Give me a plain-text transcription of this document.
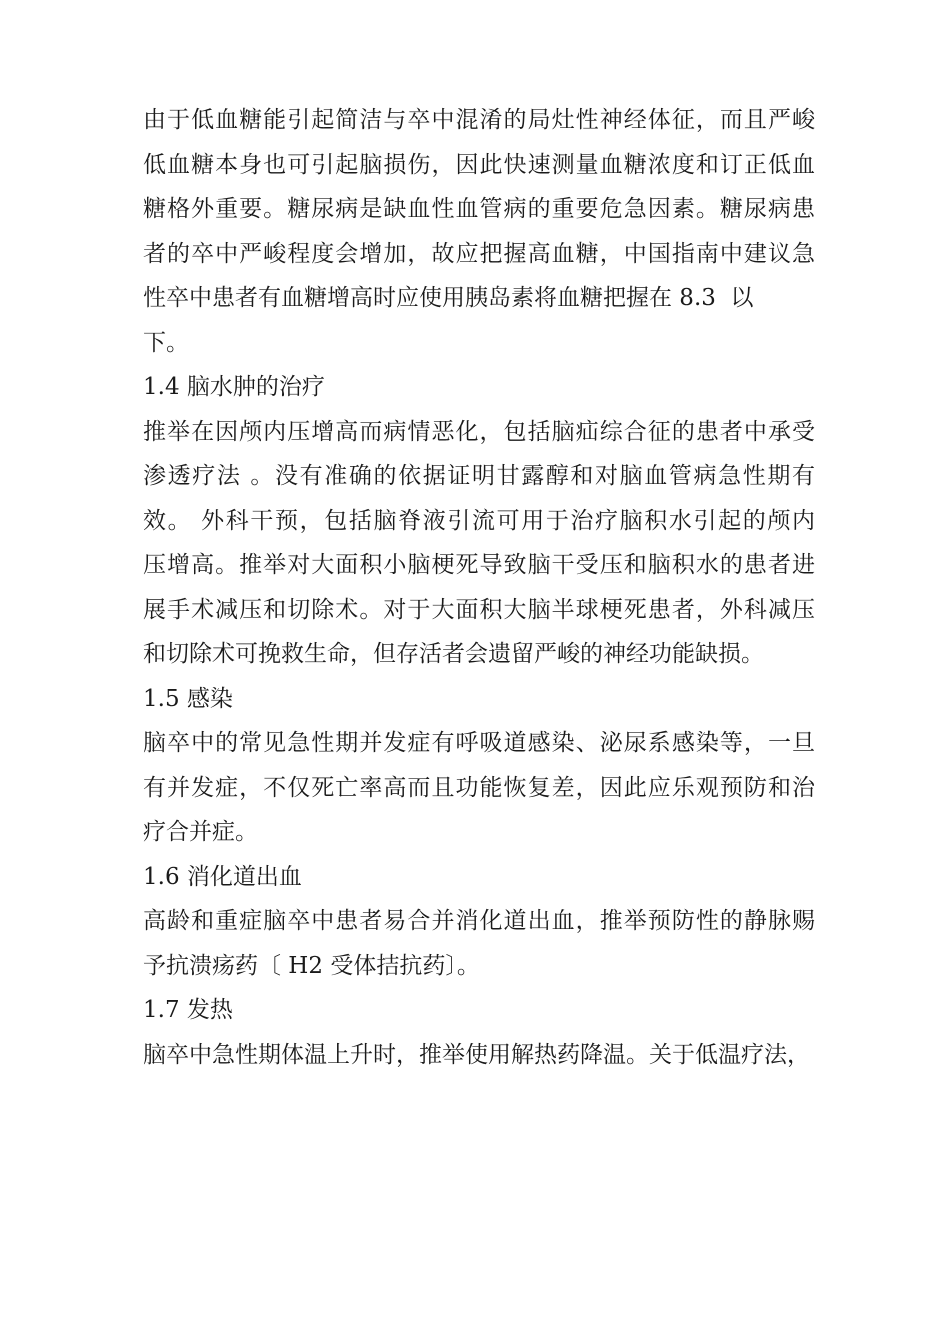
由于低血糖能引起简洁与卒中混淆的局灶性神经体征，而且严峻
低血糖本身也可引起脑损伤，因此快速测量血糖浓度和订正低血
糖格外重要。糖尿病是缺血性血管病的重要危急因素。糖尿病患
者的卒中严峻程度会增加，故应把握高血糖，中国指南中建议急
性卒中患者有血糖增高时应使用胰岛素将血糖把握在 8.3  以
下。
1.4 脑水肿的治疗
推举在因颅内压增高而病情恶化，包括脑疝综合征的患者中承受
渗透疗法 。没有准确的依据证明甘露醇和对脑血管病急性期有
效。 外科干预，包括脑脊液引流可用于治疗脑积水引起的颅内
压增高。推举对大面积小脑梗死导致脑干受压和脑积水的患者进
展手术减压和切除术。对于大面积大脑半球梗死患者，外科减压
和切除术可挽救生命，但存活者会遗留严峻的神经功能缺损。
1.5 感染
脑卒中的常见急性期并发症有呼吸道感染、泌尿系感染等，一旦
有并发症，不仅死亡率高而且功能恢复差，因此应乐观预防和治
疗合并症。
1.6 消化道出血
高龄和重症脑卒中患者易合并消化道出血，推举预防性的静脉赐
予抗溃疡药〔 H2 受体拮抗药〕。
1.7 发热
脑卒中急性期体温上升时，推举使用解热药降温。关于低温疗法，
